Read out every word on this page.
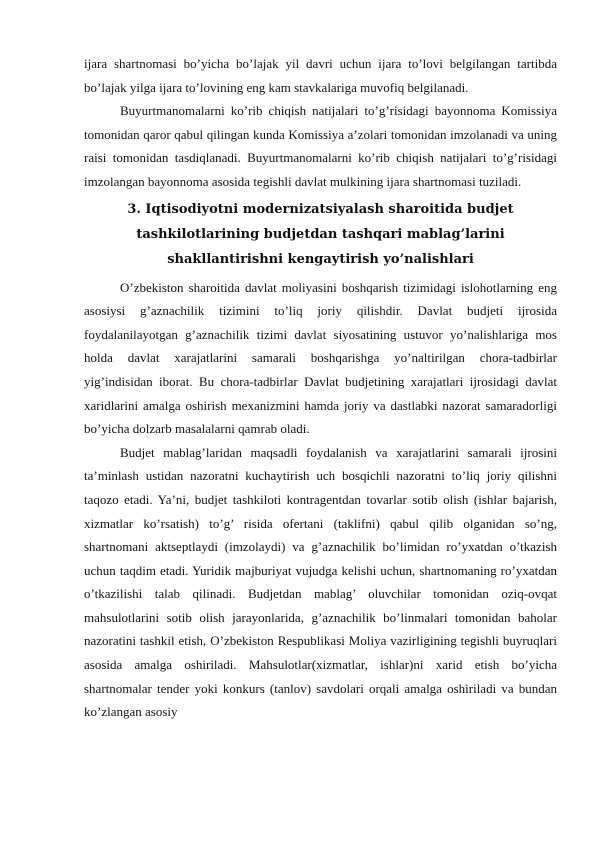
ijara shartnomasi bo’yicha bo’lajak yil davri uchun ijara to’lovi belgilangan tartibda bo’lajak yilga ijara to’lovining eng kam stavkalariga muvofiq belgilanadi.

Buyurtmanomalarni ko’rib chiqish natijalari to’g’risidagi bayonnoma Komissiya tomonidan qaror qabul qilingan kunda Komissiya a’zolari tomonidan imzolanadi va uning raisi tomonidan tasdiqlanadi. Buyurtmanomalarni ko’rib chiqish natijalari to’g’risidagi imzolangan bayonnoma asosida tegishli davlat mulkining ijara shartnomasi tuziladi.

3. Iqtisodiyotni modernizatsiyalash sharoitida budjet tashkilotlarining budjetdan tashqari mablag’larini shakllantirishni kengaytirish yo’nalishlari

O’zbekiston sharoitida davlat moliyasini boshqarish tizimidagi islohotlarning eng asosiysi g’aznachilik tizimini to’liq joriy qilishdir. Davlat budjeti ijrosida foydalanilayotgan g’aznachilik tizimi davlat siyosatining ustuvor yo’nalishlariga mos holda davlat xarajatlarini samarali boshqarishga yo’naltirilgan chora-tadbirlar yig’indisidan iborat. Bu chora-tadbirlar Davlat budjetining xarajatlari ijrosidagi davlat xaridlarini amalga oshirish mexanizmini hamda joriy va dastlabki nazorat samaradorligi bo’yicha dolzarb masalalarni qamrab oladi.

Budjet mablag’laridan maqsadli foydalanish va xarajatlarini samarali ijrosini ta’minlash ustidan nazoratni kuchaytirish uch bosqichli nazoratni to’liq joriy qilishni taqozo etadi. Ya’ni, budjet tashkiloti kontragentdan tovarlar sotib olish (ishlar bajarish, xizmatlar ko’rsatish) to’g’ risida ofertani (taklifni) qabul qilib olganidan so’ng, shartnomani aktseptlaydi (imzolaydi) va g’aznachilik bo’limidan ro’yxatdan o’tkazish uchun taqdim etadi. Yuridik majburiyat vujudga kelishi uchun, shartnomaning ro’yxatdan o’tkazilishi talab qilinadi. Budjetdan mablag’ oluvchilar tomonidan oziq-ovqat mahsulotlarini sotib olish jarayonlarida, g’aznachilik bo’linmalari tomonidan baholar nazoratini tashkil etish, O’zbekiston Respublikasi Moliya vazirligining tegishli buyruqlari asosida amalga oshiriladi. Mahsulotlar(xizmatlar, ishlar)ni xarid etish bo’yicha shartnomalar tender yoki konkurs (tanlov) savdolari orqali amalga oshiriladi va bundan ko’zlangan asosiy
